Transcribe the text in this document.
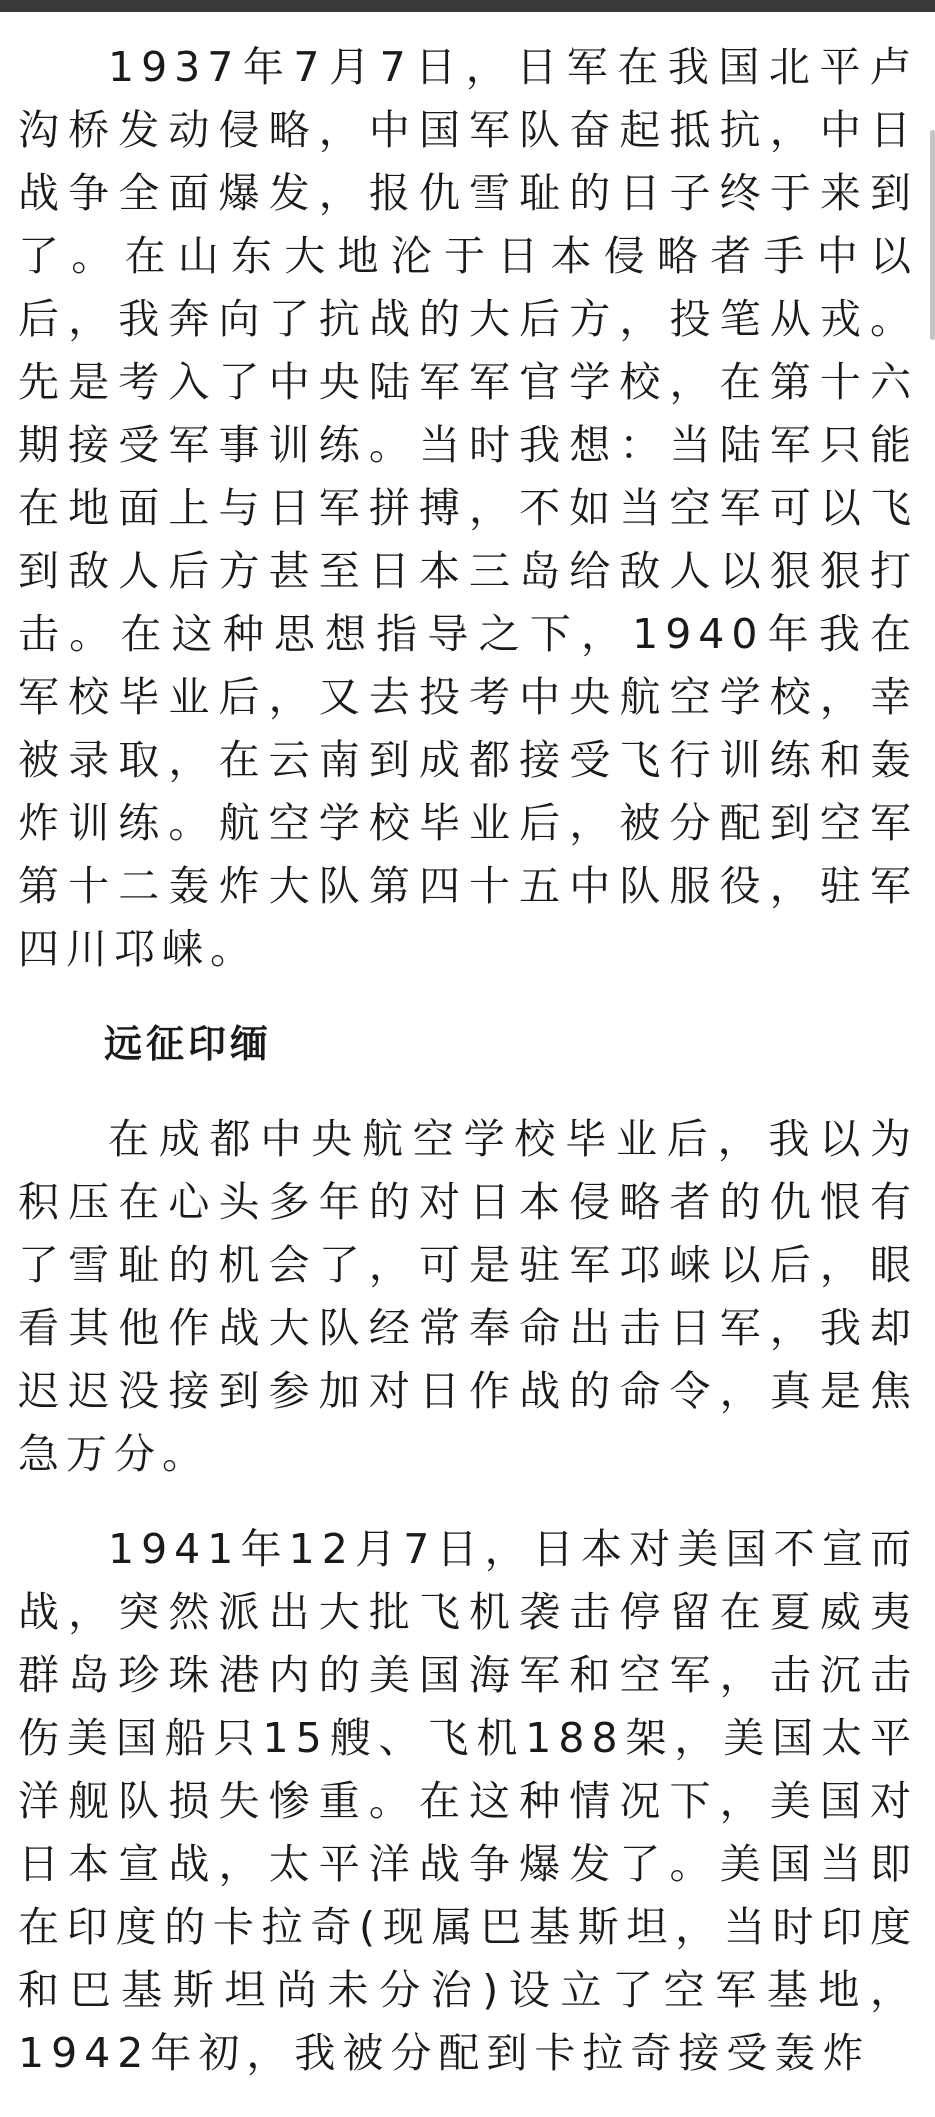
1937年7月7日，日军在我国北平卢沟桥发动侵略，中国军队奋起抵抗，中日战争全面爆发，报仇雪耻的日子终于来到了。在山东大地沦于日本侵略者手中以后，我奔向了抗战的大后方，投笔从戎。先是考入了中央陆军军官学校，在第十六期接受军事训练。当时我想：当陆军只能在地面上与日军拼搏，不如当空军可以飞到敌人后方甚至日本三岛给敌人以狠狠打击。在这种思想指导之下，1940年我在军校毕业后，又去投考中央航空学校，幸被录取，在云南到成都接受飞行训练和轰炸训练。航空学校毕业后，被分配到空军第十二轰炸大队第四十五中队服役，驻军四川邛崃。

远征印缅

在成都中央航空学校毕业后，我以为积压在心头多年的对日本侵略者的仇恨有了雪耻的机会了，可是驻军邛崃以后，眼看其他作战大队经常奉命出击日军，我却迟迟没接到参加对日作战的命令，真是焦急万分。

1941年12月7日，日本对美国不宣而战，突然派出大批飞机袭击停留在夏威夷群岛珍珠港内的美国海军和空军，击沉击伤美国船只15艘、飞机188架，美国太平洋舰队损失惨重。在这种情况下，美国对日本宣战，太平洋战争爆发了。美国当即在印度的卡拉奇(现属巴基斯坦，当时印度和巴基斯坦尚未分治)设立了空军基地，1942年初，我被分配到卡拉奇接受轰炸
